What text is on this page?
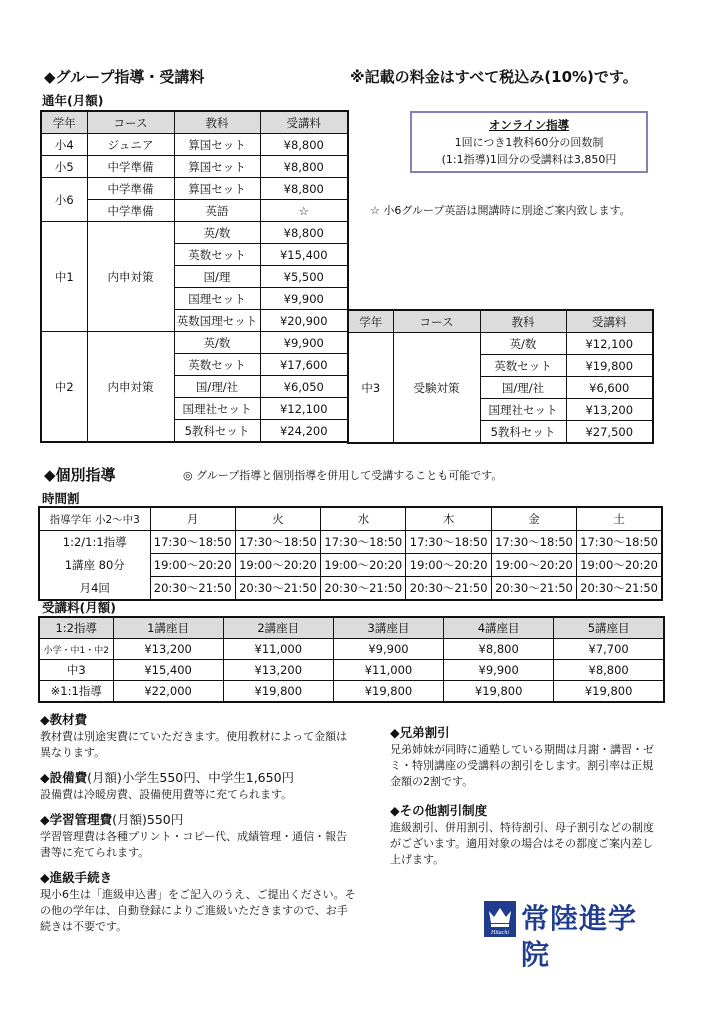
◆グループ指導・受講料	※記載の料金はすべて税込み(10%)です。
通年(月額)
学年	コース	教科	受講料
小4	ジュニア	算国セット	¥8,800
小5	中学準備	算国セット	¥8,800
小6	中学準備	算国セット	¥8,800
	中学準備	英語	☆
中1	内申対策	英/数	¥8,800
		英数セット	¥15,400
		国/理	¥5,500
		国理セット	¥9,900
		英数国理セット	¥20,900
中2	内申対策	英/数	¥9,900
		英数セット	¥17,600
		国/理/社	¥6,050
		国理社セット	¥12,100
		5教科セット	¥24,200
学年	コース	教科	受講料
中3	受験対策	英/数	¥12,100
		英数セット	¥19,800
		国/理/社	¥6,600
		国理社セット	¥13,200
		5教科セット	¥27,500
オンライン指導
1回につき1教科60分の回数制
(1:1指導)1回分の受講料は3,850円
☆ 小6グループ英語は開講時に別途ご案内致します。
◆個別指導	◎ グループ指導と個別指導を併用して受講することも可能です。
時間割
指導学年 小2〜中3	月	火	水	木	金	土
1:2/1:1指導	17:30〜18:50	17:30〜18:50	17:30〜18:50	17:30〜18:50	17:30〜18:50	17:30〜18:50
1講座 80分	19:00〜20:20	19:00〜20:20	19:00〜20:20	19:00〜20:20	19:00〜20:20	19:00〜20:20
月4回	20:30〜21:50	20:30〜21:50	20:30〜21:50	20:30〜21:50	20:30〜21:50	20:30〜21:50
受講料(月額)
1:2指導	1講座目	2講座目	3講座目	4講座目	5講座目
小学・中1・中2	¥13,200	¥11,000	¥9,900	¥8,800	¥7,700
中3	¥15,400	¥13,200	¥11,000	¥9,900	¥8,800
※1:1指導	¥22,000	¥19,800	¥19,800	¥19,800	¥19,800
◆教材費
教材費は別途実費にていただきます。使用教材によって金額は異なります。
◆設備費(月額)小学生550円、中学生1,650円
設備費は冷暖房費、設備使用費等に充てられます。
◆学習管理費(月額)550円
学習管理費は各種プリント・コピー代、成績管理・通信・報告書等に充てられます。
◆進級手続き
現小6生は「進級申込書」をご記入のうえ、ご提出ください。その他の学年は、自動登録によりご進級いただきますので、お手続きは不要です。
◆兄弟割引
兄弟姉妹が同時に通塾している期間は月謝・講習・ゼミ・特別講座の受講料の割引をします。割引率は正規金額の2割です。
◆その他割引制度
進級割引、併用割引、特待割引、母子割引などの制度がございます。適用対象の場合はその都度ご案内差し上げます。
Hitachi 常陸進学院
